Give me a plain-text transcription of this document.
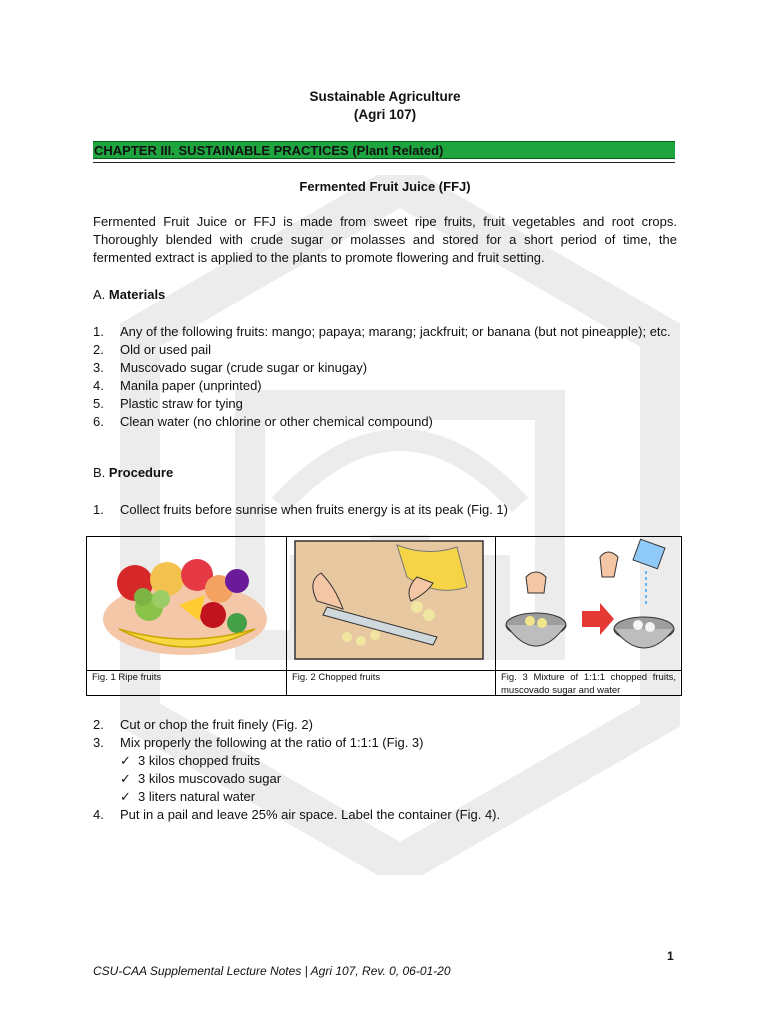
Sustainable Agriculture
(Agri 107)
CHAPTER III. SUSTAINABLE PRACTICES (Plant Related)
Fermented Fruit Juice (FFJ)
Fermented Fruit Juice or FFJ is made from sweet ripe fruits, fruit vegetables and root crops. Thoroughly blended with crude sugar or molasses and stored for a short period of time, the fermented extract is applied to the plants to promote flowering and fruit setting.
A. Materials
1. Any of the following fruits: mango; papaya; marang; jackfruit; or banana (but not pineapple); etc.
2. Old or used pail
3. Muscovado sugar (crude sugar or kinugay)
4. Manila paper (unprinted)
5. Plastic straw for tying
6. Clean water (no chlorine or other chemical compound)
B. Procedure
1. Collect fruits before sunrise when fruits energy is at its peak (Fig. 1)
2. Cut or chop the fruit finely (Fig. 2)
3. Mix properly the following at the ratio of 1:1:1 (Fig. 3)
✓ 3 kilos chopped fruits
✓ 3 kilos muscovado sugar
✓ 3 liters natural water
4. Put in a pail and leave 25% air space. Label the container (Fig. 4).
Fig. 1 Ripe fruits	Fig. 2 Chopped fruits	Fig. 3 Mixture of 1:1:1 chopped fruits, muscovado sugar and water
1
CSU-CAA Supplemental Lecture Notes | Agri 107, Rev. 0, 06-01-20
